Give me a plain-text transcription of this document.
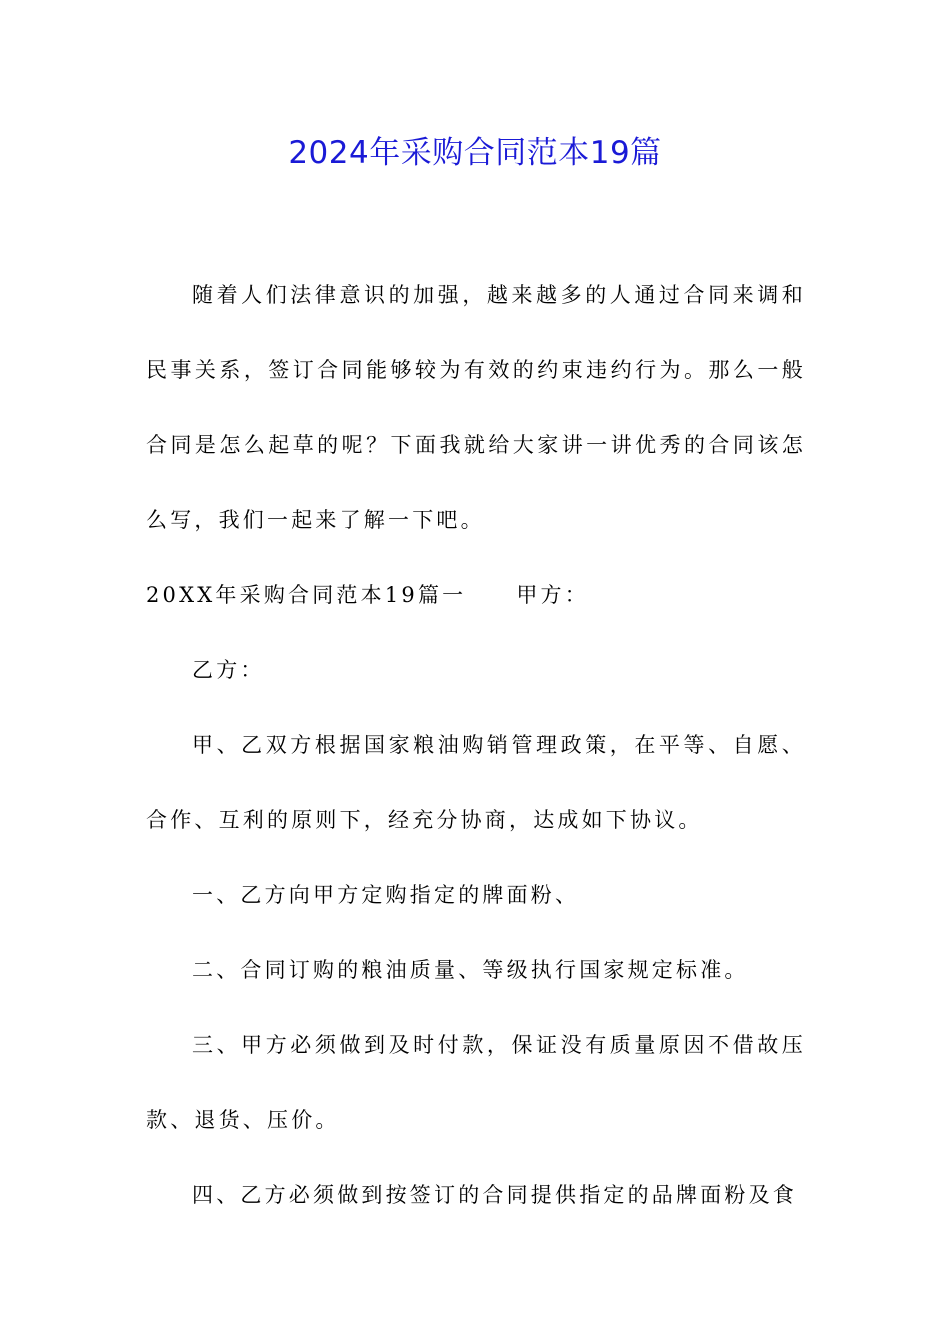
2024年采购合同范本19篇

随着人们法律意识的加强，越来越多的人通过合同来调和民事关系，签订合同能够较为有效的约束违约行为。那么一般合同是怎么起草的呢？下面我就给大家讲一讲优秀的合同该怎么写，我们一起来了解一下吧。

20XX年采购合同范本19篇一 甲方：

乙方：

甲、乙双方根据国家粮油购销管理政策，在平等、自愿、合作、互利的原则下，经充分协商，达成如下协议。

一、乙方向甲方定购指定的牌面粉、

二、合同订购的粮油质量、等级执行国家规定标准。

三、甲方必须做到及时付款，保证没有质量原因不借故压款、退货、压价。

四、乙方必须做到按签订的合同提供指定的品牌面粉及食
